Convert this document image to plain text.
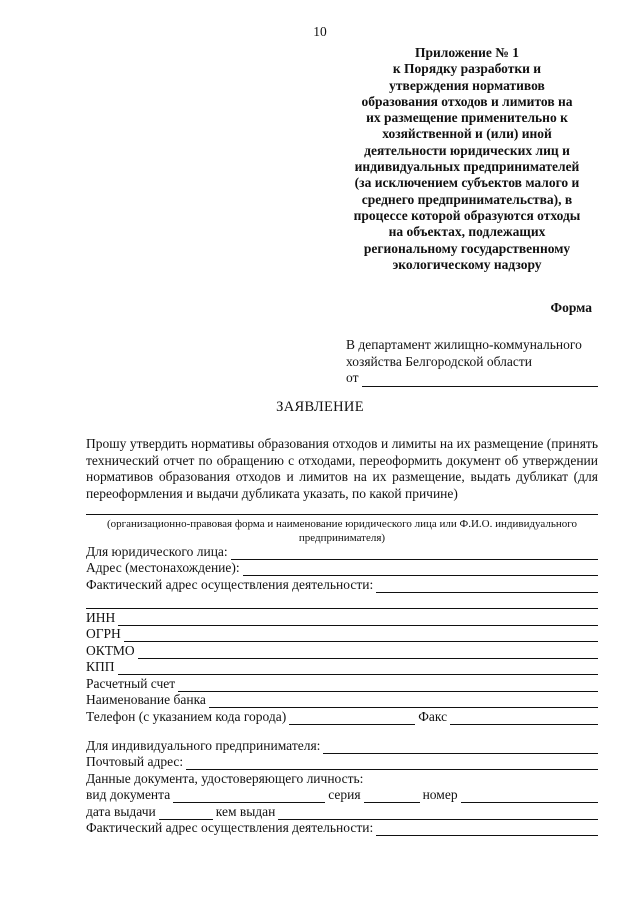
10
Приложение № 1
к Порядку разработки и
утверждения нормативов
образования отходов и лимитов на
их размещение применительно к
хозяйственной и (или) иной
деятельности юридических лиц и
индивидуальных предпринимателей
(за исключением субъектов малого и
среднего предпринимательства), в
процессе которой образуются отходы
на объектах, подлежащих
региональному государственному
экологическому надзору
Форма
В департамент жилищно-коммунального
хозяйства Белгородской области
от
ЗАЯВЛЕНИЕ
Прошу утвердить нормативы образования отходов и лимиты на их размещение (принять технический отчет по обращению с отходами, переоформить документ об утверждении нормативов образования отходов и лимитов на их размещение, выдать дубликат (для переоформления и выдачи дубликата указать, по какой причине)
(организационно-правовая форма и наименование юридического лица или Ф.И.О. индивидуального предпринимателя)
Для юридического лица:
Адрес (местонахождение):
Фактический адрес осуществления деятельности:
ИНН
ОГРН
ОКТМО
КПП
Расчетный счет
Наименование банка
Телефон (с указанием кода города)	Факс
Для индивидуального предпринимателя:
Почтовый адрес:
Данные документа, удостоверяющего личность:
вид документа	серия	номер
дата выдачи	кем выдан
Фактический адрес осуществления деятельности:
